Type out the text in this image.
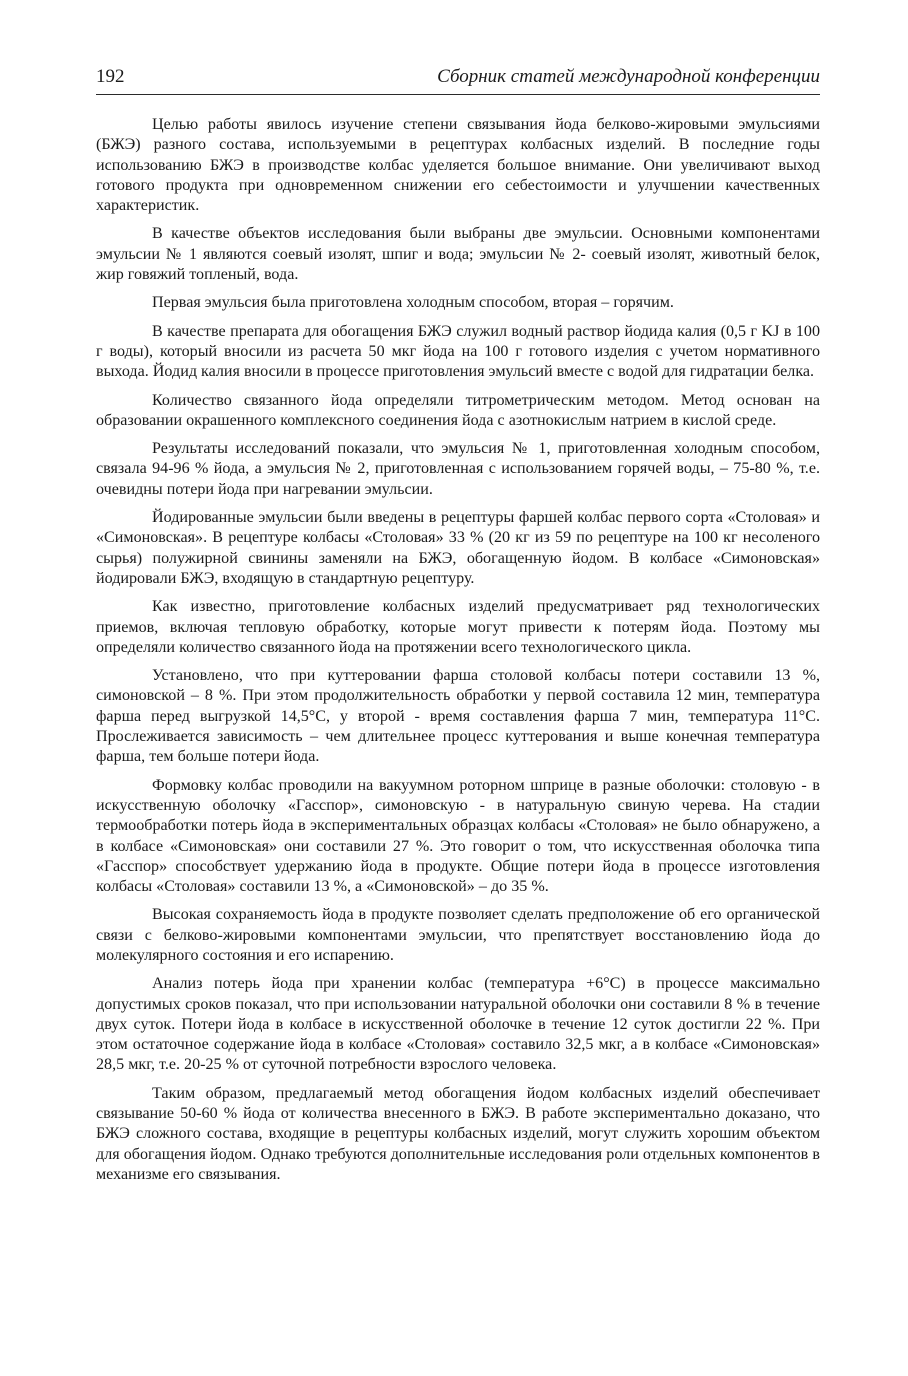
192	Сборник статей международной конференции

Целью работы явилось изучение степени связывания йода белково-жировыми эмульсиями (БЖЭ) разного состава, используемыми в рецептурах колбасных изделий. В последние годы использованию БЖЭ в производстве колбас уделяется большое внимание. Они увеличивают выход готового продукта при одновременном снижении его себестоимости и улучшении качественных характеристик.

В качестве объектов исследования были выбраны две эмульсии. Основными компонентами эмульсии № 1 являются соевый изолят, шпиг и вода; эмульсии № 2- соевый изолят, животный белок, жир говяжий топленый, вода.

Первая эмульсия была приготовлена холодным способом, вторая – горячим.

В качестве препарата для обогащения БЖЭ служил водный раствор йодида калия (0,5 г KJ в 100 г воды), который вносили из расчета 50 мкг йода на 100 г готового изделия с учетом нормативного выхода. Йодид калия вносили в процессе приготовления эмульсий вместе с водой для гидратации белка.

Количество связанного йода определяли титрометрическим методом. Метод основан на образовании окрашенного комплексного соединения йода с азотнокислым натрием в кислой среде.

Результаты исследований показали, что эмульсия № 1, приготовленная холодным способом, связала 94-96 % йода, а эмульсия № 2, приготовленная с использованием горячей воды, – 75-80 %, т.е. очевидны потери йода при нагревании эмульсии.

Йодированные эмульсии были введены в рецептуры фаршей колбас первого сорта «Столовая» и «Симоновская». В рецептуре колбасы «Столовая» 33 % (20 кг из 59 по рецептуре на 100 кг несоленого сырья) полужирной свинины заменяли на БЖЭ, обогащенную йодом. В колбасе «Симоновская» йодировали БЖЭ, входящую в стандартную рецептуру.

Как известно, приготовление колбасных изделий предусматривает ряд технологических приемов, включая тепловую обработку, которые могут привести к потерям йода. Поэтому мы определяли количество связанного йода на протяжении всего технологического цикла.

Установлено, что при куттеровании фарша столовой колбасы потери составили 13 %, симоновской – 8 %. При этом продолжительность обработки у первой составила 12 мин, температура фарша перед выгрузкой 14,5°С, у второй - время составления фарша 7 мин, температура 11°С. Прослеживается зависимость – чем длительнее процесс куттерования и выше конечная температура фарша, тем больше потери йода.

Формовку колбас проводили на вакуумном роторном шприце в разные оболочки: столовую - в искусственную оболочку «Гасспор», симоновскую - в натуральную свиную черева. На стадии термообработки потерь йода в экспериментальных образцах колбасы «Столовая» не было обнаружено, а в колбасе «Симоновская» они составили 27 %. Это говорит о том, что искусственная оболочка типа «Гасспор» способствует удержанию йода в продукте. Общие потери йода в процессе изготовления колбасы «Столовая» составили 13 %, а «Симоновской» – до 35 %.

Высокая сохраняемость йода в продукте позволяет сделать предположение об его органической связи с белково-жировыми компонентами эмульсии, что препятствует восстановлению йода до молекулярного состояния и его испарению.

Анализ потерь йода при хранении колбас (температура +6°С) в процессе максимально допустимых сроков показал, что при использовании натуральной оболочки они составили 8 % в течение двух суток. Потери йода в колбасе в искусственной оболочке в течение 12 суток достигли 22 %. При этом остаточное содержание йода в колбасе «Столовая» составило 32,5 мкг, а в колбасе «Симоновская» 28,5 мкг, т.е. 20-25 % от суточной потребности взрослого человека.

Таким образом, предлагаемый метод обогащения йодом колбасных изделий обеспечивает связывание 50-60 % йода от количества внесенного в БЖЭ. В работе экспериментально доказано, что БЖЭ сложного состава, входящие в рецептуры колбасных изделий, могут служить хорошим объектом для обогащения йодом. Однако требуются дополнительные исследования роли отдельных компонентов в механизме его связывания.
